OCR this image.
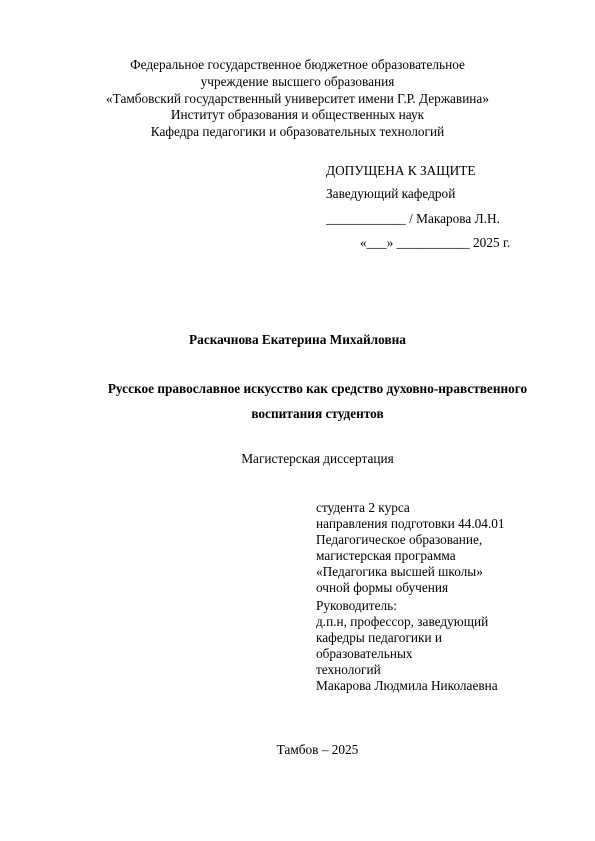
Федеральное государственное бюджетное образовательное
учреждение высшего образования
«Тамбовский государственный университет имени Г.Р. Державина»
Институт образования и общественных наук
Кафедра педагогики и образовательных технологий
ДОПУЩЕНА К ЗАЩИТЕ
Заведующий кафедрой
____________ / Макарова Л.Н.
«___» ___________ 2025 г.
Раскачнова Екатерина Михайловна
Русское православное искусство как средство духовно-нравственного
воспитания студентов
Магистерская диссертация
студента 2 курса
направления подготовки 44.04.01
Педагогическое образование,
магистерская программа
«Педагогика высшей школы»
очной формы обучения
Руководитель:
д.п.н, профессор, заведующий
кафедры педагогики и
образовательных
технологий
Макарова Людмила Николаевна
Тамбов – 2025
